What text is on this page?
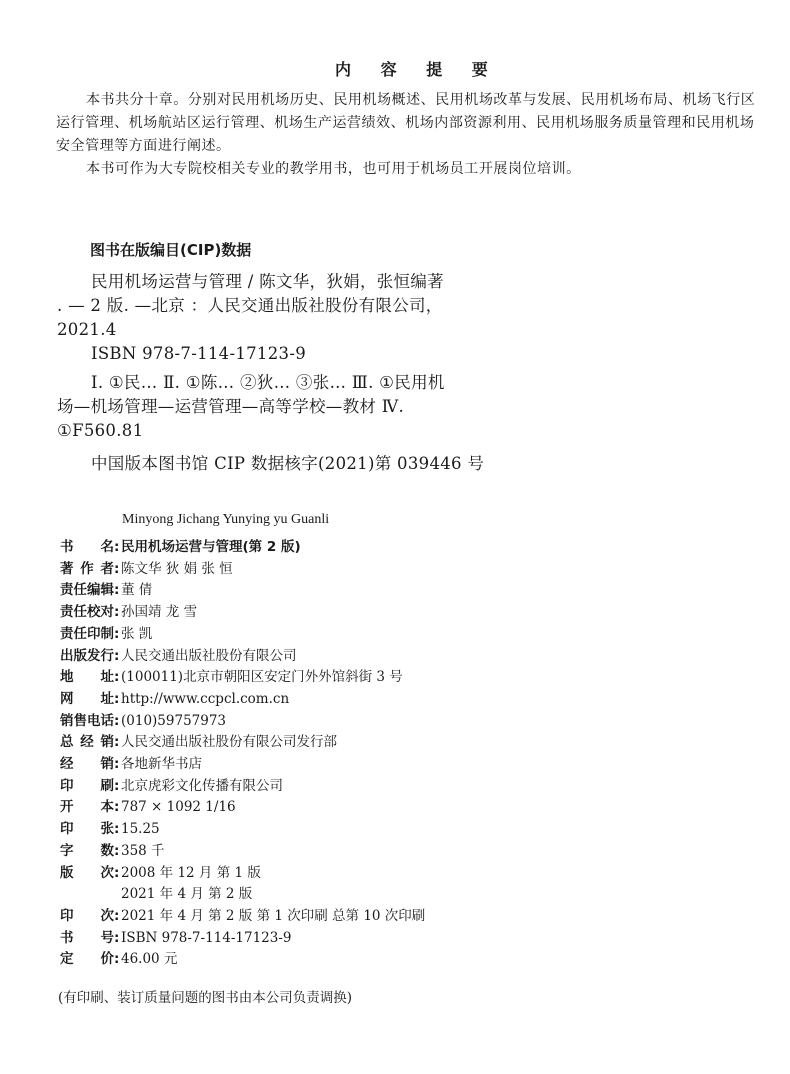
内 容 提 要
本书共分十章。分别对民用机场历史、民用机场概述、民用机场改革与发展、民用机场布局、机场飞行区
运行管理、机场航站区运行管理、机场生产运营绩效、机场内部资源利用、民用机场服务质量管理和民用机场
安全管理等方面进行阐述。
本书可作为大专院校相关专业的教学用书，也可用于机场员工开展岗位培训。
图书在版编目(CIP)数据
民用机场运营与管理 / 陈文华，狄娟，张恒编著
. — 2 版. —北京 ：人民交通出版社股份有限公司，
2021.4
ISBN 978-7-114-17123-9
Ⅰ. ①民… Ⅱ. ①陈… ②狄… ③张… Ⅲ. ①民用机
场—机场管理—运营管理—高等学校—教材 Ⅳ.
①F560.81
中国版本图书馆 CIP 数据核字(2021)第 039446 号
Minyong Jichang Yunying yu Guanli
书 名 : 民用机场运营与管理(第 2 版)
著 作 者 : 陈文华 狄 娟 张 恒
责 任 编 辑 : 董 倩
责 任 校 对 : 孙国靖 龙 雪
责 任 印 制 : 张 凯
出 版 发 行 : 人民交通出版社股份有限公司
地 址 : (100011)北京市朝阳区安定门外外馆斜街 3 号
网 址 : http://www.ccpcl.com.cn
销 售 电 话 : (010)59757973
总 经 销 : 人民交通出版社股份有限公司发行部
经 销 : 各地新华书店
印 刷 : 北京虎彩文化传播有限公司
开 本 : 787 × 1092 1/16
印 张 : 15.25
字 数 : 358 千
版 次 : 2008 年 12 月 第 1 版
2021 年 4 月 第 2 版
印 次 : 2021 年 4 月 第 2 版 第 1 次印刷 总第 10 次印刷
书 号 : ISBN 978-7-114-17123-9
定 价 : 46.00 元
(有印刷、装订质量问题的图书由本公司负责调换)
